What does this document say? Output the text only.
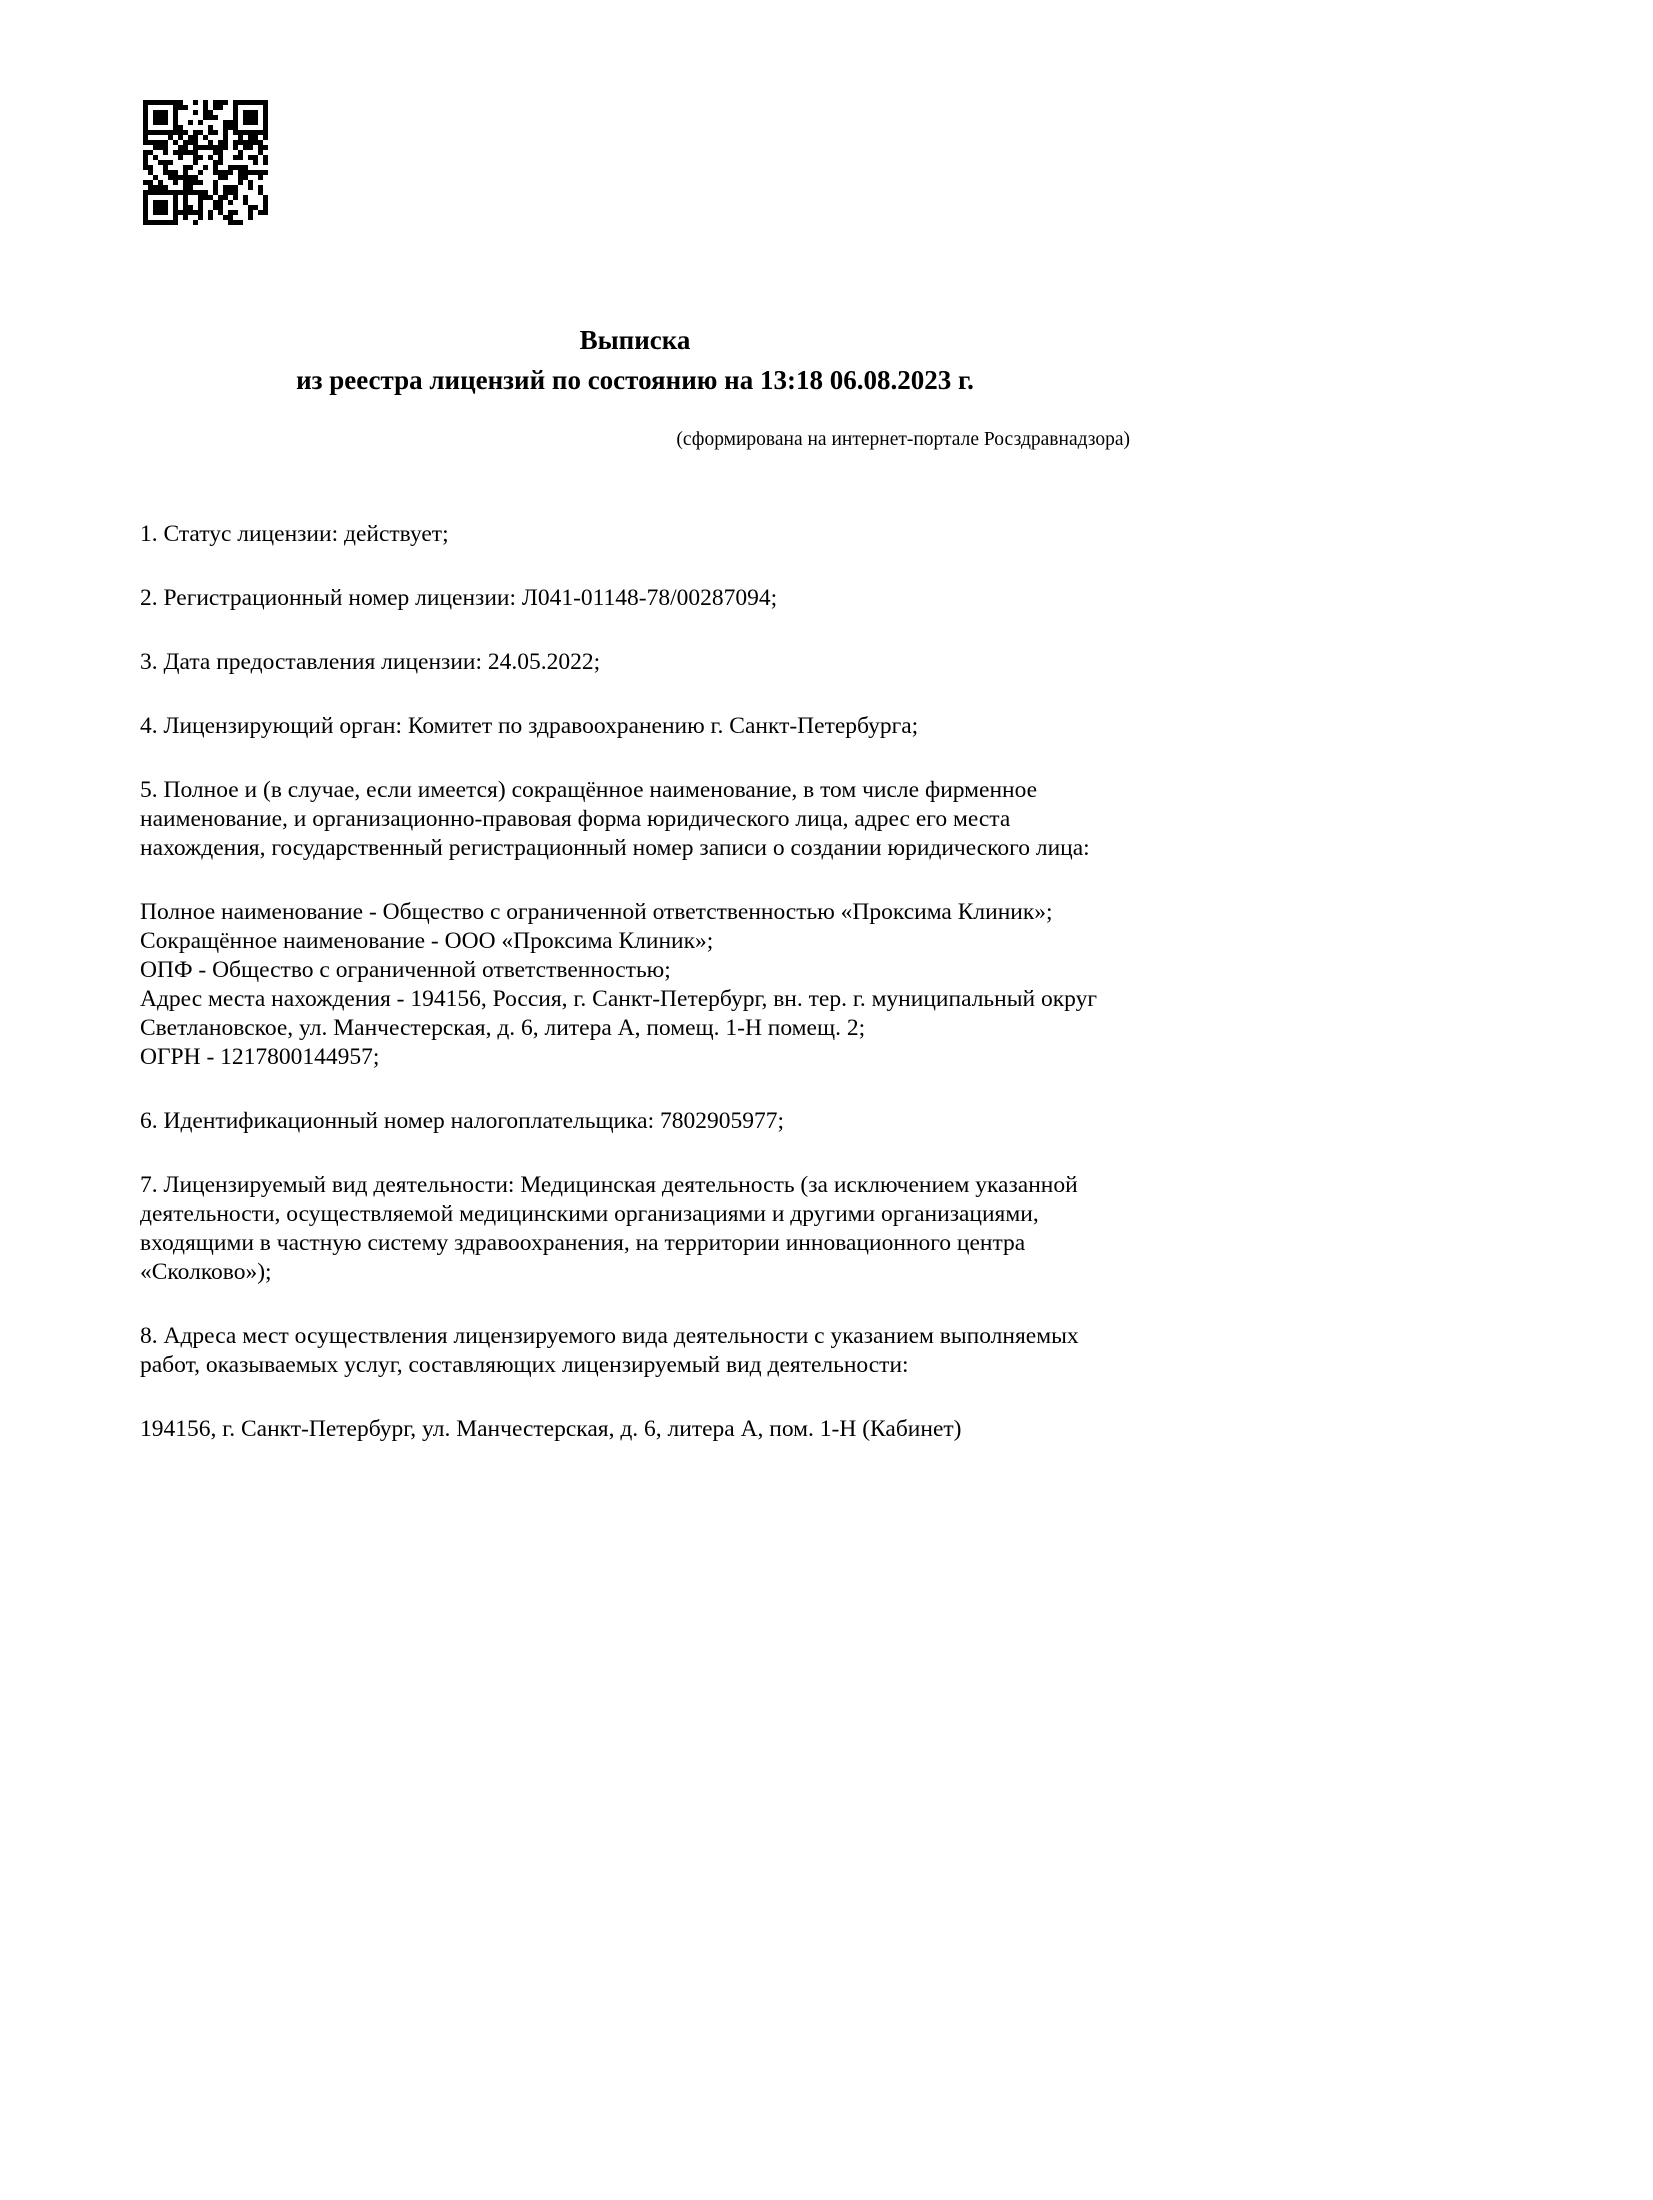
Выписка
из реестра лицензий по состоянию на 13:18 06.08.2023 г.
(сформирована на интернет-портале Росздравнадзора)

1. Статус лицензии: действует;

2. Регистрационный номер лицензии: Л041-01148-78/00287094;

3. Дата предоставления лицензии: 24.05.2022;

4. Лицензирующий орган: Комитет по здравоохранению г. Санкт-Петербурга;

5. Полное и (в случае, если имеется) сокращённое наименование, в том числе фирменное наименование, и организационно-правовая форма юридического лица, адрес его места нахождения, государственный регистрационный номер записи о создании юридического лица:

Полное наименование - Общество с ограниченной ответственностью «Проксима Клиник»;
Сокращённое наименование - ООО «Проксима Клиник»;
ОПФ - Общество с ограниченной ответственностью;
Адрес места нахождения - 194156, Россия, г. Санкт-Петербург, вн. тер. г. муниципальный округ Светлановское, ул. Манчестерская, д. 6, литера А, помещ. 1-Н помещ. 2;
ОГРН - 1217800144957;

6. Идентификационный номер налогоплательщика: 7802905977;

7. Лицензируемый вид деятельности: Медицинская деятельность (за исключением указанной деятельности, осуществляемой медицинскими организациями и другими организациями, входящими в частную систему здравоохранения, на территории инновационного центра «Сколково»);

8. Адреса мест осуществления лицензируемого вида деятельности с указанием выполняемых работ, оказываемых услуг, составляющих лицензируемый вид деятельности:

194156, г. Санкт-Петербург, ул. Манчестерская, д. 6, литера А, пом. 1-Н (Кабинет)
